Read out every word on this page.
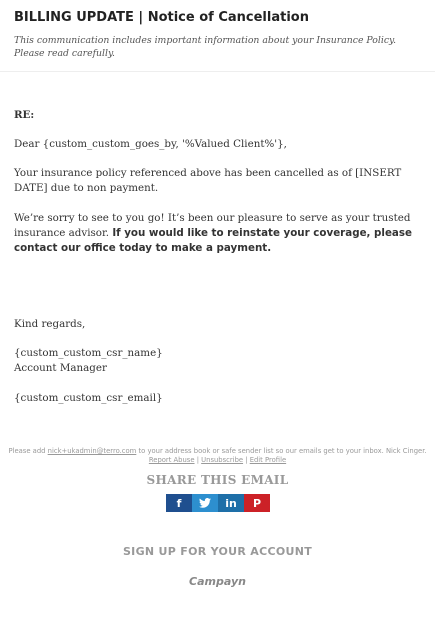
BILLING UPDATE | Notice of Cancellation
This communication includes important information about your Insurance Policy. Please read carefully.
RE:
Dear {custom_custom_goes_by, '%Valued Client%'},
Your insurance policy referenced above has been cancelled as of [INSERT DATE] due to non payment.
We’re sorry to see to you go! It’s been our pleasure to serve as your trusted insurance advisor. If you would like to reinstate your coverage, please contact our office today to make a payment.
Kind regards,
{custom_custom_csr_name}
Account Manager
{custom_custom_csr_email}
Please add nick+ukadmin@terro.com to your address book or safe sender list so our emails get to your inbox. Nick Cinger.
Report Abuse | Unsubscribe | Edit Profile
SHARE THIS EMAIL
f	in P
SIGN UP FOR YOUR ACCOUNT
Campayn
